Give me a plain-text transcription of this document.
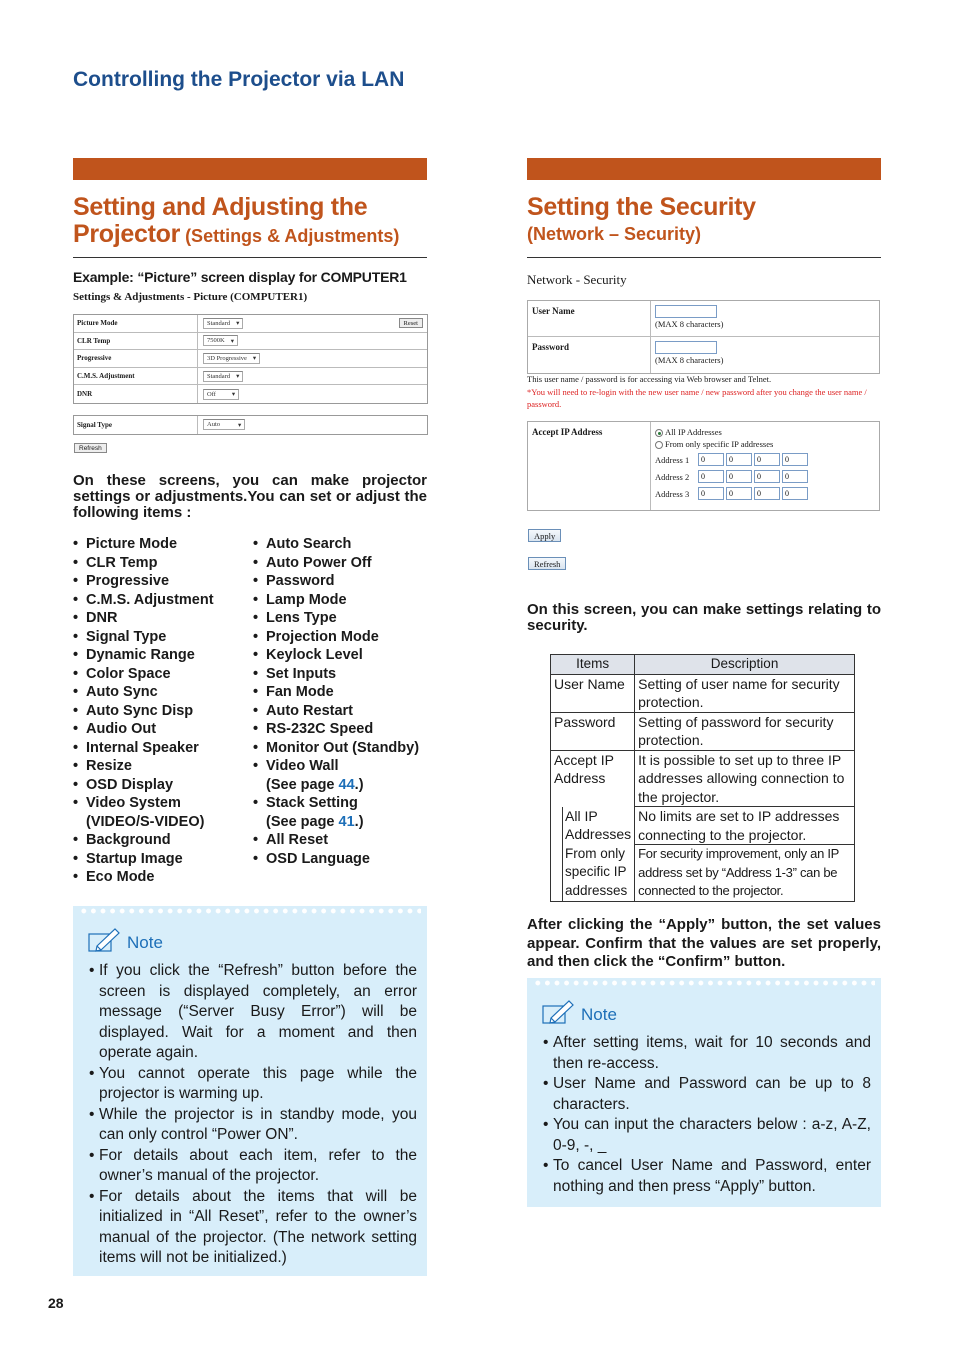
Controlling the Projector via LAN
Setting and Adjusting the
Projector (Settings & Adjustments)
Example: “Picture” screen display for COMPUTER1
Settings & Adjustments - Picture (COMPUTER1)
Picture Mode	Standard ▾	Reset
CLR Temp	7500K ▾
Progressive	3D Progressive ▾
C.M.S. Adjustment	Standard ▾
DNR	Off ▾
Signal Type	Auto	▾
Refresh
On these screens, you can make projector settings or adjustments.You can set or adjust the following items :
• Picture Mode
• CLR Temp
• Progressive
• C.M.S. Adjustment
• DNR
• Signal Type
• Dynamic Range
• Color Space
• Auto Sync
• Auto Sync Disp
• Audio Out
• Internal Speaker
• Resize
• OSD Display
• Video System
(VIDEO/S-VIDEO)
• Background
• Startup Image
• Eco Mode
• Auto Search
• Auto Power Off
• Password
• Lamp Mode
• Lens Type
• Projection Mode
• Keylock Level
• Set Inputs
• Fan Mode
• Auto Restart
• RS-232C Speed
• Monitor Out (Standby)
• Video Wall
(See page 44.)
• Stack Setting
(See page 41.)
• All Reset
• OSD Language
Note
• If you click the “Refresh” button before the screen is displayed completely, an error message (“Server Busy Error”) will be displayed. Wait for a moment and then operate again.
• You cannot operate this page while the projector is warming up.
• While the projector is in standby mode, you can only control “Power ON”.
• For details about each item, refer to the owner’s manual of the projector.
• For details about the items that will be initialized in “All Reset”, refer to the owner’s manual of the projector. (The network setting items will not be initialized.)
Setting the Security
(Network – Security)
Network - Security
User Name
(MAX 8 characters)
Password
(MAX 8 characters)
This user name / password is for accessing via Web browser and Telnet.
*You will need to re-login with the new user name / new password after you change the user name / password.
Accept IP Address	All IP Addresses
From only specific IP addresses
Address 1	0	0	0	0
Address 2	0	0	0	0
Address 3	0	0	0	0
Apply
Refresh
On this screen, you can make settings relating to security.
Items	Description
User Name	Setting of user name for security protection.
Password	Setting of password for security protection.
Accept IP Address	It is possible to set up to three IP addresses allowing connection to the projector.
All IP Addresses	No limits are set to IP addresses connecting to the projector.
From only specific IP addresses	For security improvement, only an IP address set by “Address 1-3” can be connected to the projector.
After clicking the “Apply” button, the set values appear. Confirm that the values are set properly, and then click the “Confirm” button.
Note
• After setting items, wait for 10 seconds and then re-access.
• User Name and Password can be up to 8 characters.
• You can input the characters below : a-z, A-Z, 0-9, -, _
• To cancel User Name and Password, enter nothing and then press “Apply” button.
28
